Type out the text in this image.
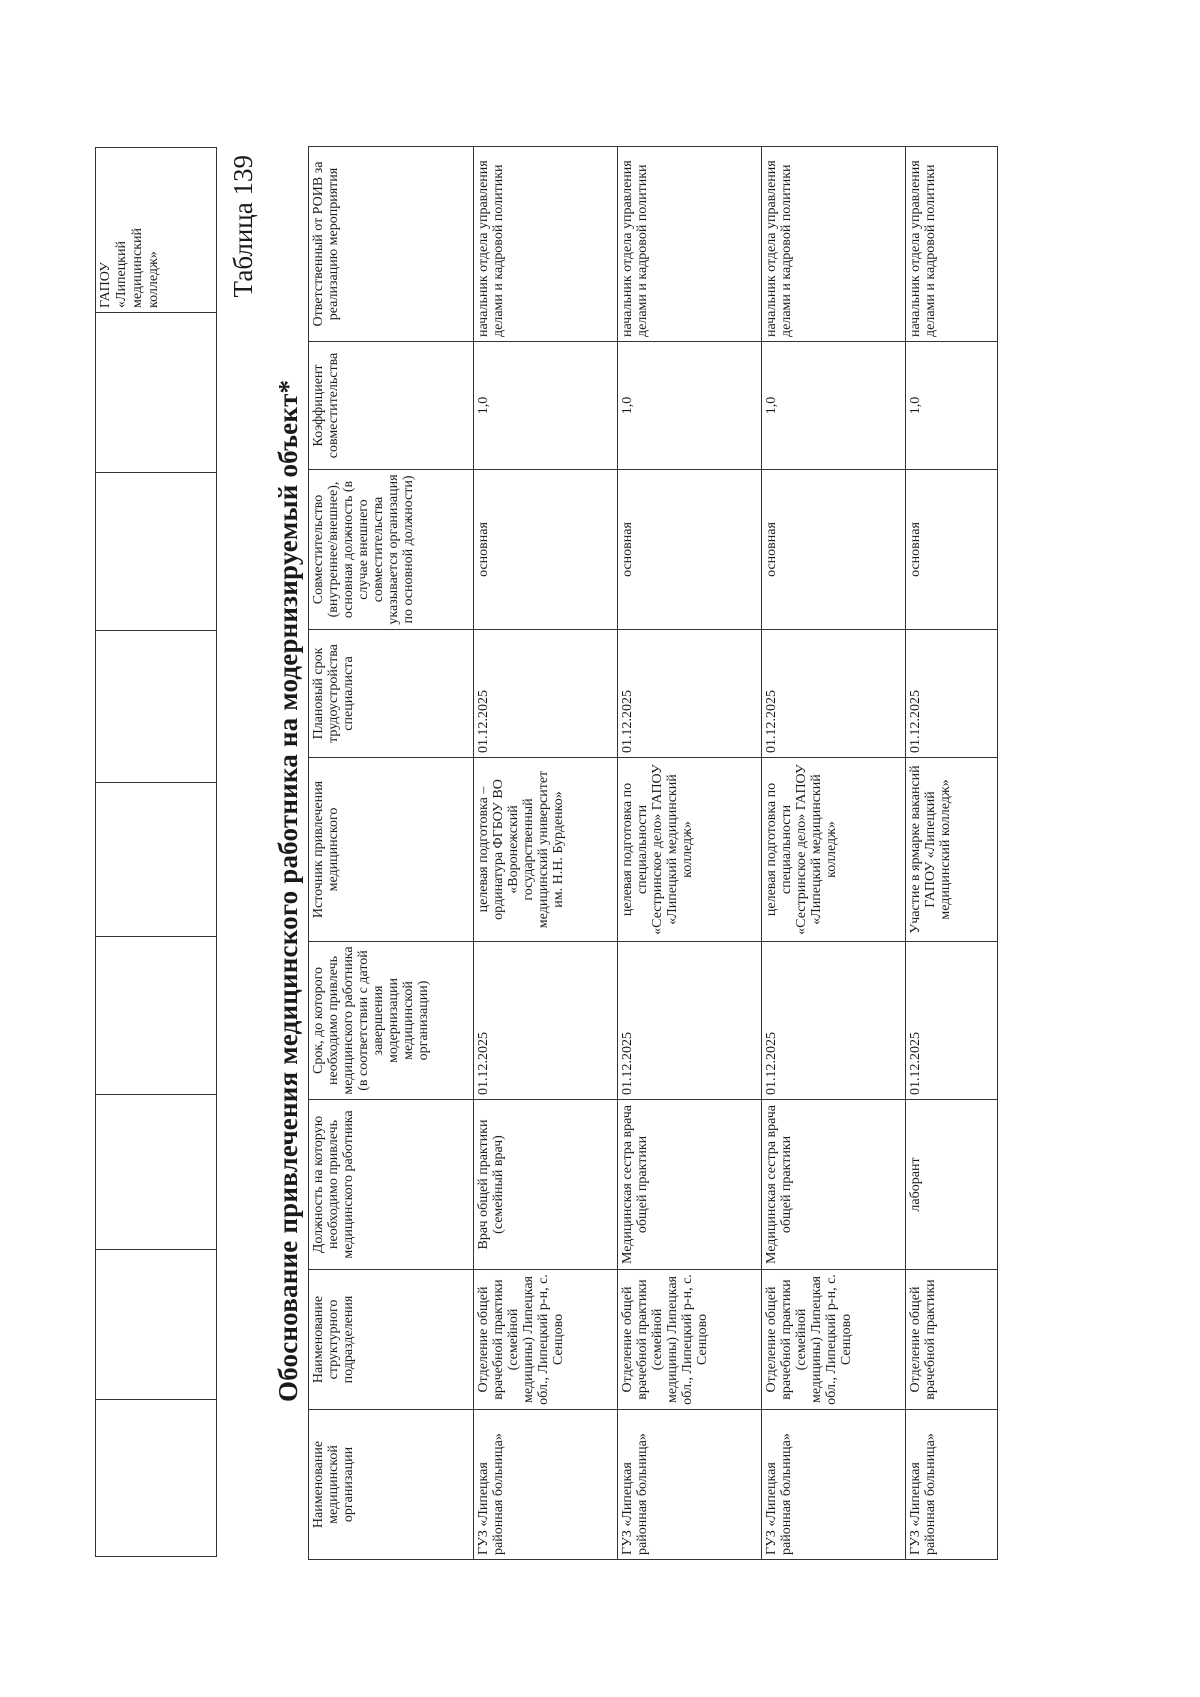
								ГАПОУ
«Липецкий
медицинский
колледж» Таблица 139
Обоснование привлечения медицинского работника на модернизируемый объект*
Наименование медицинской организации	Наименование структурного подразделения	Должность на которую необходимо привлечь медицинского работника	Срок, до которого необходимо привлечь медицинского работника (в соответствии с датой завершения модернизации медицинской организации)	Источник привлечения медицинского	Плановый срок трудоустройства специалиста	Совместительство (внутреннее/внешнее), основная должность (в случае внешнего совместительства указывается организация по основной должности)	Коэффициент совместительства	Ответственный от РОИВ за реализацию мероприятия
ГУЗ «Липецкая районная больница»	Отделение общей врачебной практики (семейной медицины) Липецкая обл., Липецкий р-н, с. Сенцово	Врач общей практики (семейный врач)	01.12.2025	целевая подготовка – ординатура ФГБОУ ВО «Воронежский государственный медицинский университет им. Н.Н. Бурденко»	01.12.2025	основная	1,0	начальник отдела управления делами и кадровой политики
ГУЗ «Липецкая районная больница»	Отделение общей врачебной практики (семейной медицины) Липецкая обл., Липецкий р-н, с. Сенцово	Медицинская сестра врача общей практики	01.12.2025	целевая подготовка по специальности «Сестринское дело» ГАПОУ «Липецкий медицинский колледж»	01.12.2025	основная	1,0	начальник отдела управления делами и кадровой политики
ГУЗ «Липецкая районная больница»	Отделение общей врачебной практики (семейной медицины) Липецкая обл., Липецкий р-н, с. Сенцово	Медицинская сестра врача общей практики	01.12.2025	целевая подготовка по специальности «Сестринское дело» ГАПОУ «Липецкий медицинский колледж»	01.12.2025	основная	1,0	начальник отдела управления делами и кадровой политики
ГУЗ «Липецкая районная больница»	Отделение общей врачебной практики	лаборант	01.12.2025	Участие в ярмарке вакансий ГАПОУ «Липецкий медицинский колледж»	01.12.2025	основная	1,0	начальник отдела управления делами и кадровой политики
